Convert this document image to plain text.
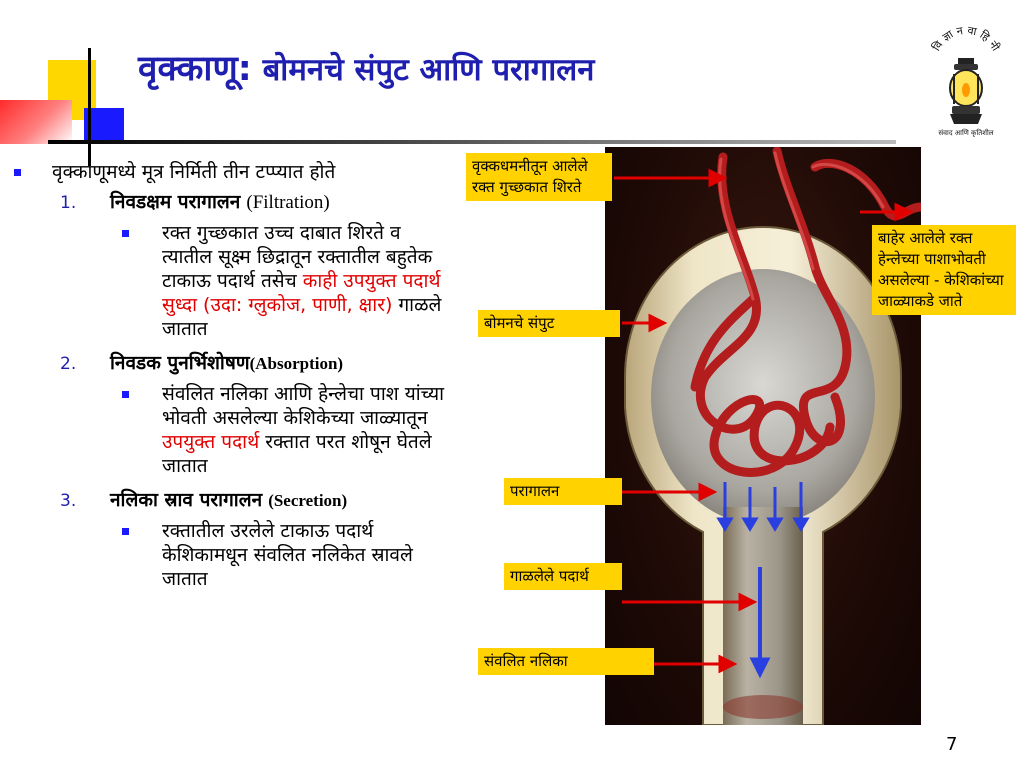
वृक्काणू: बोमनचे संपुट आणि परागालन
वि ज्ञा न वा हि नी
संवाद आणि कृतिशील
वृक्काणूमध्ये मूत्र निर्मिती तीन टप्प्यात होते
1. निवडक्षम परागालन (Filtration)
रक्त गुच्छकात उच्च दाबात शिरते व त्यातील सूक्ष्म छिद्रातून रक्तातील बहुतेक टाकाऊ पदार्थ तसेच काही उपयुक्त पदार्थ सुध्दा (उदा: ग्लुकोज, पाणी, क्षार) गाळले जातात
2. निवडक पुनर्भिशोषण(Absorption)
संवलित नलिका आणि हेन्लेचा पाश यांच्या भोवती असलेल्या केशिकेच्या जाळ्यातून उपयुक्त पदार्थ रक्तात परत शोषून घेतले जातात
3. नलिका स्राव परागालन (Secretion)
रक्तातील उरलेले टाकाऊ पदार्थ केशिकामधून संवलित नलिकेत स्रावले जातात
वृक्कधमनीतून आलेले रक्त गुच्छकात शिरते
बाहेर आलेले रक्त हेन्लेच्या पाशाभोवती असलेल्या - केशिकांच्या जाळ्याकडे जाते
बोमनचे संपुट
परागालन
गाळलेले पदार्थ
संवलित नलिका
7
